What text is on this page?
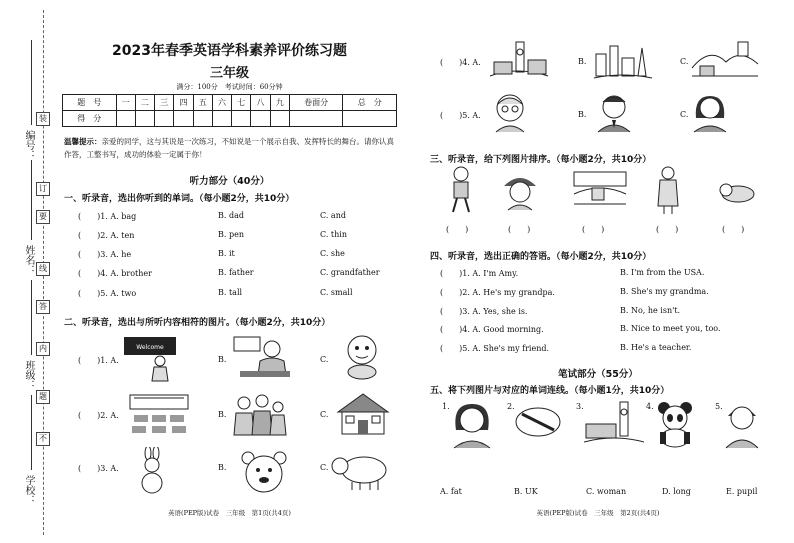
编号：
姓名：
班级：
学校：
装
订
线
内
不
要
答
题
2023年春季英语学科素养评价练习题
三年级
满分：100分　考试时间：60分钟
题　号	一	二	三	四	五	六	七	八	九	卷面分	总　分
得　分											
温馨提示：亲爱的同学，这与其说是一次练习，不如说是一个展示自我、发挥特长的舞台。请你认真作答，工整书写，成功的体验一定属于你！
听力部分（40分）
一、听录音，选出你听到的单词。（每小题2分，共10分）
(　　)1. A. bag	B. dad	C. and
(　　)2. A. ten	B. pen	C. thin
(　　)3. A. he	B. it	C. she
(　　)4. A. brother	B. father	C. grandfather
(　　)5. A. two	B. tall	C. small
二、听录音，选出与所听内容相符的图片。（每小题2分，共10分）
(　　)1. A.	B.	C.
Welcome
(　　)2. A.	B.	C.
(　　)3. A.	B.	C.
英语(PEP版)试卷　三年级　第1页(共4页)
(　　)4. A.	B.	C.
(　　)5. A.	B.	C.
三、听录音，给下列图片排序。（每小题2分，共10分）
(　　)	(　　)	(　　)	(　　)	(　　)
四、听录音，选出正确的答语。（每小题2分，共10分）
(　　)1. A. I'm Amy.	B. I'm from the USA.
(　　)2. A. He's my grandpa.	B. She's my grandma.
(　　)3. A. Yes, she is.	B. No, he isn't.
(　　)4. A. Good morning.	B. Nice to meet you, too.
(　　)5. A. She's my friend.	B. He's a teacher.
笔试部分（55分）
五、将下列图片与对应的单词连线。（每小题1分，共10分）
1.	2.	3.	4.	5.
A. fat	B. UK	C. woman	D. long	E. pupil
英语(PEP版)试卷　三年级　第2页(共4页)
